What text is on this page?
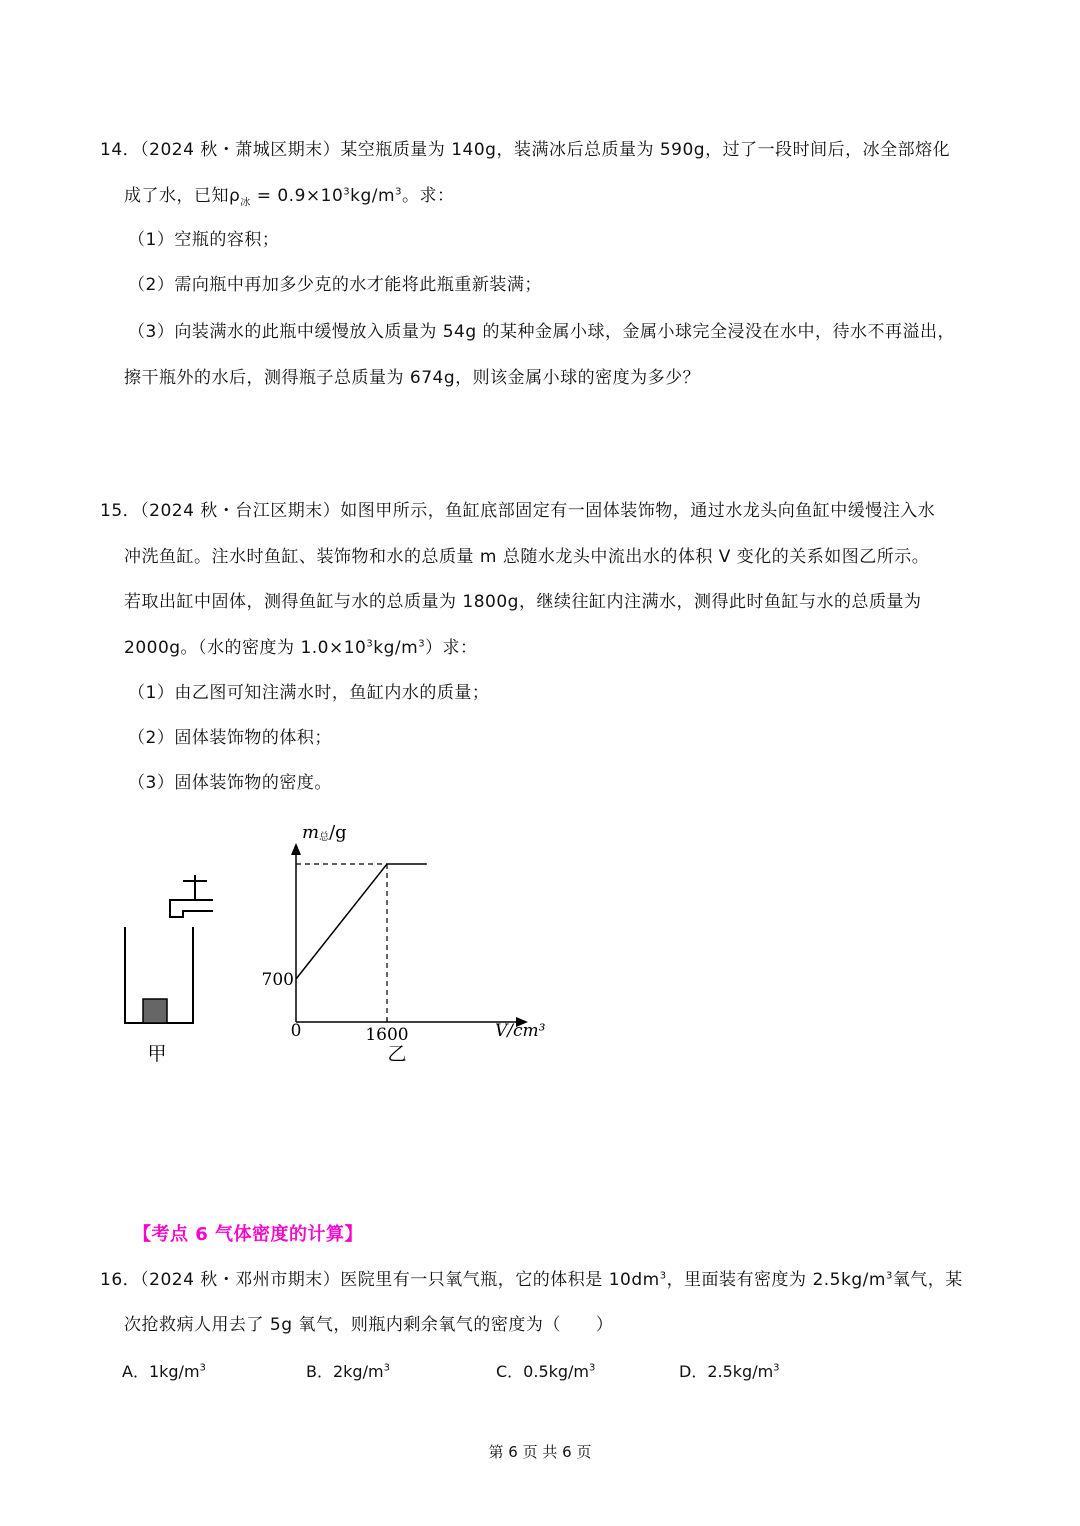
14．（2024 秋・萧城区期末）某空瓶质量为 140g，装满冰后总质量为 590g，过了一段时间后，冰全部熔化
成了水，已知$\rho_冰 = 0.9\times 10^3kg/m^3$。求：
（1）空瓶的容积；
（2）需向瓶中再加多少克的水才能将此瓶重新装满；
（3）向装满水的此瓶中缓慢放入质量为 54g 的某种金属小球，金属小球完全浸没在水中，待水不再溢出，
擦干瓶外的水后，测得瓶子总质量为 674g，则该金属小球的密度为多少？
15．（2024 秋・台江区期末）如图甲所示，鱼缸底部固定有一固体装饰物，通过水龙头向鱼缸中缓慢注入水
冲洗鱼缸。注水时鱼缸、装饰物和水的总质量 m 总随水龙头中流出水的体积 V 变化的关系如图乙所示。
若取出缸中固体，测得鱼缸与水的总质量为 1800g，继续往缸内注满水，测得此时鱼缸与水的总质量为
2000g。（水的密度为 $1.0\times 10^3kg/m^3$）求：
（1）由乙图可知注满水时，鱼缸内水的质量；
（2）固体装饰物的体积；
（3）固体装饰物的密度。
甲
m总/g
V/cm³
0
700
1600
乙
【考点 6 气体密度的计算】
16．（2024 秋・邓州市期末）医院里有一只氧气瓶，它的体积是 $10dm^3$，里面装有密度为 $2.5kg/m^3$氧气，某
次抢救病人用去了 5g 氧气，则瓶内剩余氧气的密度为（　　）
A．$1kg/m^3$	B．$2kg/m^3$	C．$0.5kg/m^3$	D．$2.5kg/m^3$
第 6 页 共 6 页
